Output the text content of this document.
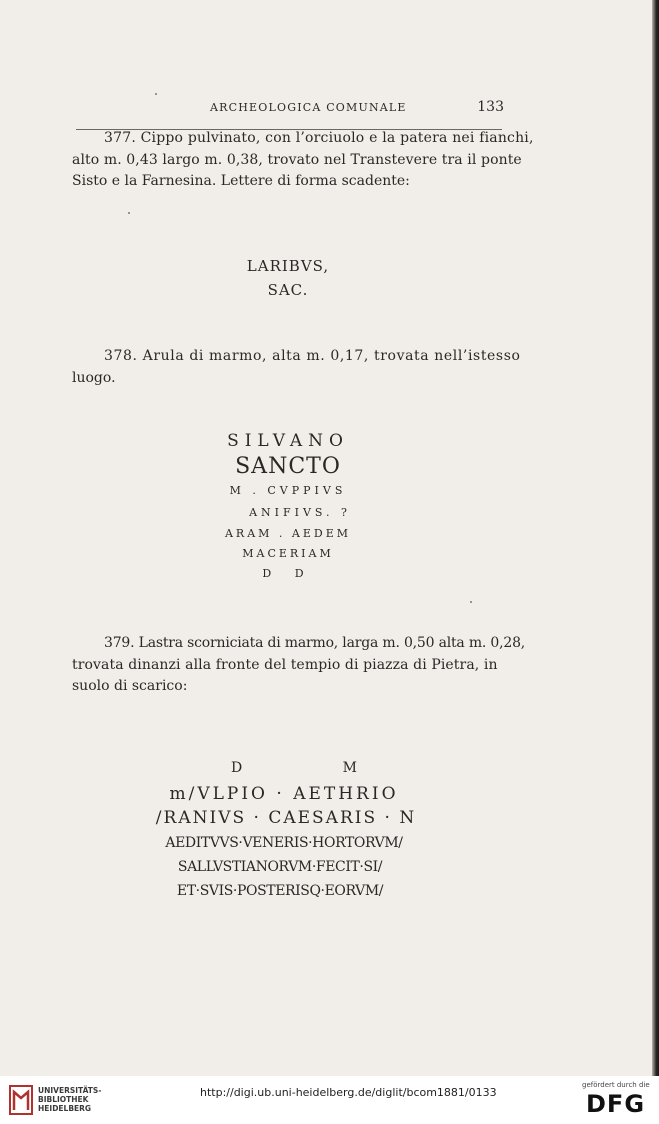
ARCHEOLOGICA COMUNALE	133
377. Cippo pulvinato, con l’orciuolo e la patera nei fianchi,
alto m. 0,43 largo m. 0,38, trovato nel Transtevere tra il ponte
Sisto e la Farnesina. Lettere di forma scadente:
LARIBVS,
SAC.
378. Arula di marmo, alta m. 0,17, trovata nell’istesso
luogo.
SILVANO
SANCTO
M . CVPPIVS
ANIFIVS. ?
ARAM . AEDEM
MACERIAM
D D
379. Lastra scorniciata di marmo, larga m. 0,50 alta m. 0,28,
trovata dinanzi alla fronte del tempio di piazza di Pietra, in
suolo di scarico:
D M
m/VLPIO · AETHRIO
/RANIVS · CAESARIS · N
AEDITVVS·VENERIS·HORTORVM/
SALLVSTIANORVM·FECIT·SI/
ET·SVIS·POSTERISQ·EORVM/
UNIVERSITÄTS-
BIBLIOTHEK
HEIDELBERG
http://digi.ub.uni-heidelberg.de/diglit/bcom1881/0133
gefördert durch die
DFG
